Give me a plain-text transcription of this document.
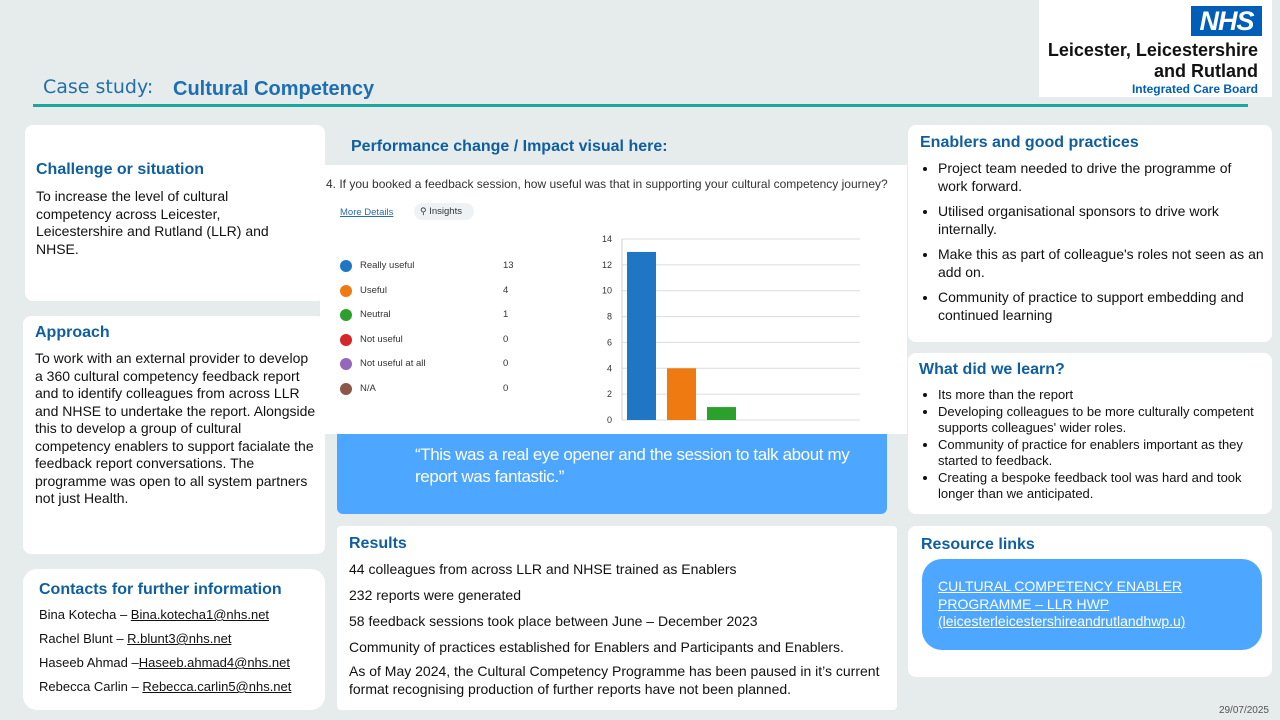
Case study: Cultural Competency
NHS
Leicester, Leicestershire
and Rutland
Integrated Care Board
Challenge or situation
To increase the level of cultural competency across Leicester, Leicestershire and Rutland (LLR) and NHSE.
Approach
To work with an external provider to develop a 360 cultural competency feedback report and to identify colleagues from across LLR and NHSE to undertake the report. Alongside this to develop a group of cultural competency enablers to support facialate the feedback report conversations. The programme was open to all system partners not just Health.
Contacts for further information
Bina Kotecha – Bina.kotecha1@nhs.net
Rachel Blunt – R.blunt3@nhs.net
Haseeb Ahmad –Haseeb.ahmad4@nhs.net
Rebecca Carlin – Rebecca.carlin5@nhs.net
Performance change / Impact visual here:
4. If you booked a feedback session, how useful was that in supporting your cultural competency journey?
More Details	⚲ Insights
Really useful	13
Useful	4
Neutral	1
Not useful	0
Not useful at all	0
N/A	0
0
2
4
6
8
10
12
14
“This was a real eye opener and the session to talk about my report was fantastic.”
Results
44 colleagues from across LLR and NHSE trained as Enablers
232 reports were generated
58 feedback sessions took place between June – December 2023
Community of practices established for Enablers and Participants and Enablers.
As of May 2024, the Cultural Competency Programme has been paused in it’s current format recognising production of further reports have not been planned.
Enablers and good practices
• Project team needed to drive the programme of work forward.
• Utilised organisational sponsors to drive work internally.
• Make this as part of colleague's roles not seen as an add on.
• Community of practice to support embedding and continued learning
What did we learn?
• Its more than the report
• Developing colleagues to be more culturally competent supports colleagues' wider roles.
• Community of practice for enablers important as they started to feedback.
• Creating a bespoke feedback tool was hard and took longer than we anticipated.
Resource links
CULTURAL COMPETENCY ENABLER PROGRAMME – LLR HWP (leicesterleicestershireandrutlandhwp.u)
29/07/2025
